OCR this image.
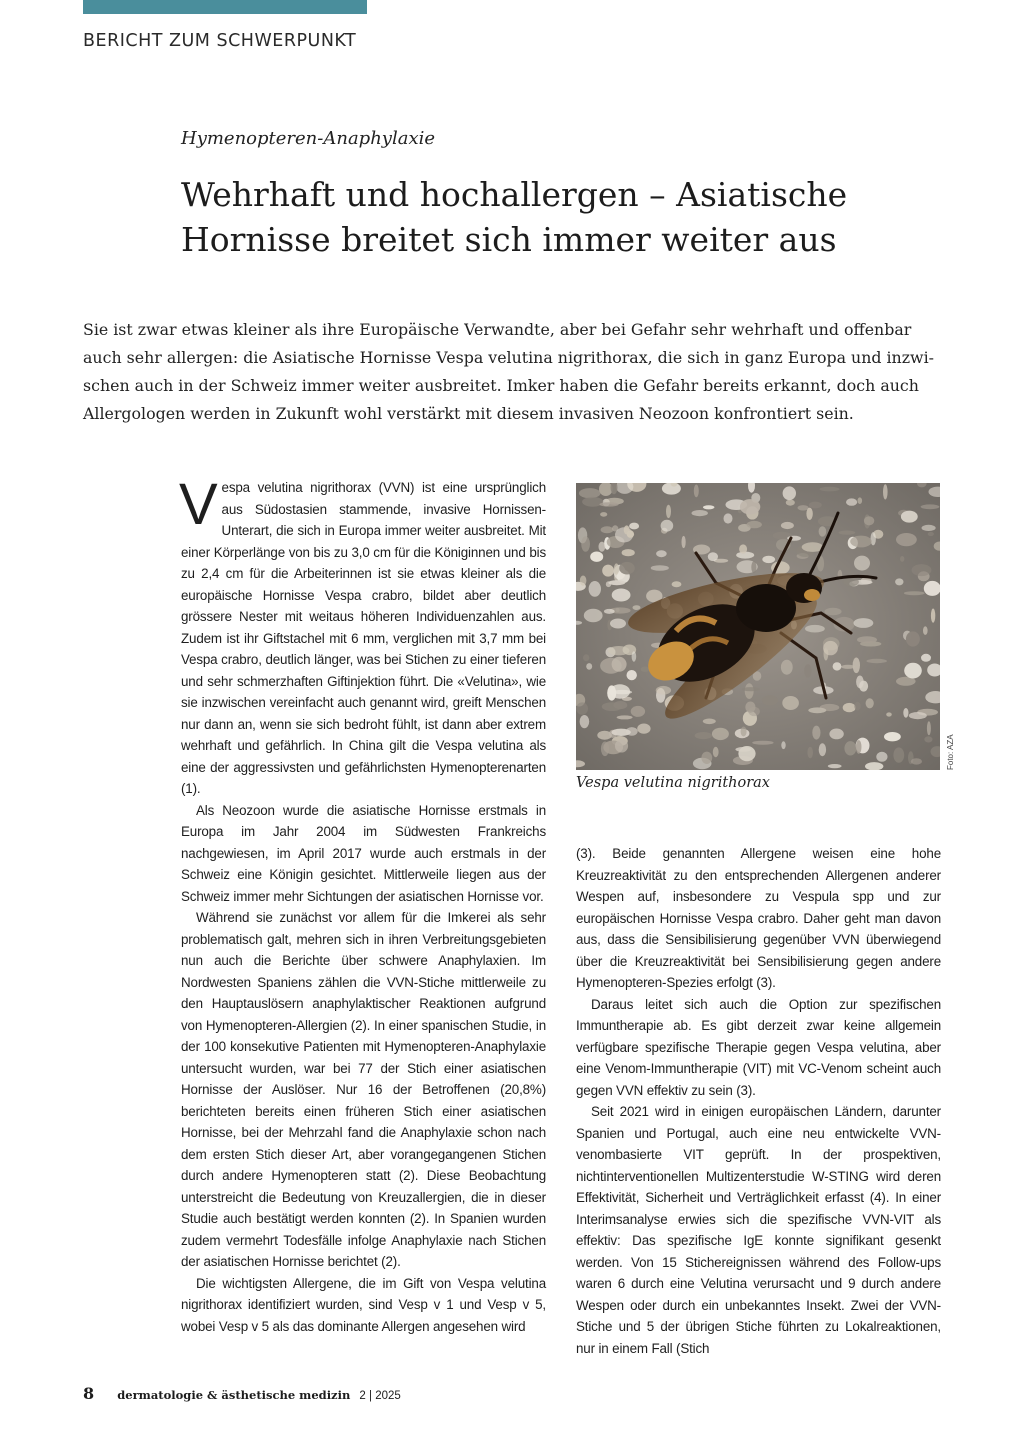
BERICHT ZUM SCHWERPUNKT
Hymenopteren-Anaphylaxie
Wehrhaft und hochallergen – Asiatische
Hornisse breitet sich immer weiter aus
Sie ist zwar etwas kleiner als ihre Europäische Verwandte, aber bei Gefahr sehr wehrhaft und offenbar
auch sehr allergen: die Asiatische Hornisse Vespa velutina nigrithorax, die sich in ganz Europa und inzwi-
schen auch in der Schweiz immer weiter ausbreitet. Imker haben die Gefahr bereits erkannt, doch auch
Allergologen werden in Zukunft wohl verstärkt mit diesem invasiven Neozoon konfrontiert sein.

Vespa velutina nigrithorax (VVN) ist eine ursprünglich aus Südostasien stammende, invasive Hornissen-Unterart, die sich in Europa immer weiter ausbreitet. Mit einer Körperlänge von bis zu 3,0 cm für die Königinnen und bis zu 2,4 cm für die Arbeiterinnen ist sie etwas kleiner als die europäische Hornisse Vespa crabro, bildet aber deutlich grössere Nester mit weitaus höheren Individuenzahlen aus. Zudem ist ihr Giftstachel mit 6 mm, verglichen mit 3,7 mm bei Vespa crabro, deutlich länger, was bei Stichen zu einer tieferen und sehr schmerzhaften Giftinjektion führt. Die «Velutina», wie sie inzwischen vereinfacht auch genannt wird, greift Menschen nur dann an, wenn sie sich bedroht fühlt, ist dann aber extrem wehrhaft und gefährlich. In China gilt die Vespa velutina als eine der aggressivsten und gefährlichsten Hymenopterenarten (1).

Als Neozoon wurde die asiatische Hornisse erstmals in Europa im Jahr 2004 im Südwesten Frankreichs nachgewiesen, im April 2017 wurde auch erstmals in der Schweiz eine Königin gesichtet. Mittlerweile liegen aus der Schweiz immer mehr Sichtungen der asiatischen Hornisse vor.

Während sie zunächst vor allem für die Imkerei als sehr problematisch galt, mehren sich in ihren Verbreitungsgebieten nun auch die Berichte über schwere Anaphylaxien. Im Nordwesten Spaniens zählen die VVN-Stiche mittlerweile zu den Hauptauslösern anaphylaktischer Reaktionen aufgrund von Hymenopteren-Allergien (2). In einer spanischen Studie, in der 100 konsekutive Patienten mit Hymenopteren-Anaphylaxie untersucht wurden, war bei 77 der Stich einer asiatischen Hornisse der Auslöser. Nur 16 der Betroffenen (20,8%) berichteten bereits einen früheren Stich einer asiatischen Hornisse, bei der Mehrzahl fand die Anaphylaxie schon nach dem ersten Stich dieser Art, aber vorangegangenen Stichen durch andere Hymenopteren statt (2). Diese Beobachtung unterstreicht die Bedeutung von Kreuzallergien, die in dieser Studie auch bestätigt werden konnten (2). In Spanien wurden zudem vermehrt Todesfälle infolge Anaphylaxie nach Stichen der asiatischen Hornisse berichtet (2).

Die wichtigsten Allergene, die im Gift von Vespa velutina nigrithorax identifiziert wurden, sind Vesp v 1 und Vesp v 5, wobei Vesp v 5 als das dominante Allergen angesehen wird

Vespa velutina nigrithorax
Foto: AZA

(3). Beide genannten Allergene weisen eine hohe Kreuzreaktivität zu den entsprechenden Allergenen anderer Wespen auf, insbesondere zu Vespula spp und zur europäischen Hornisse Vespa crabro. Daher geht man davon aus, dass die Sensibilisierung gegenüber VVN überwiegend über die Kreuzreaktivität bei Sensibilisierung gegen andere Hymenopteren-Spezies erfolgt (3).

Daraus leitet sich auch die Option zur spezifischen Immuntherapie ab. Es gibt derzeit zwar keine allgemein verfügbare spezifische Therapie gegen Vespa velutina, aber eine Venom-Immuntherapie (VIT) mit VC-Venom scheint auch gegen VVN effektiv zu sein (3).

Seit 2021 wird in einigen europäischen Ländern, darunter Spanien und Portugal, auch eine neu entwickelte VVN-venombasierte VIT geprüft. In der prospektiven, nichtinterventionellen Multizenterstudie W-STING wird deren Effektivität, Sicherheit und Verträglichkeit erfasst (4). In einer Interimsanalyse erwies sich die spezifische VVN-VIT als effektiv: Das spezifische IgE konnte signifikant gesenkt werden. Von 15 Stichereignissen während des Follow-ups waren 6 durch eine Velutina verursacht und 9 durch andere Wespen oder durch ein unbekanntes Insekt. Zwei der VVN-Stiche und 5 der übrigen Stiche führten zu Lokalreaktionen, nur in einem Fall (Stich

8 dermatologie & ästhetische medizin 2 | 2025
